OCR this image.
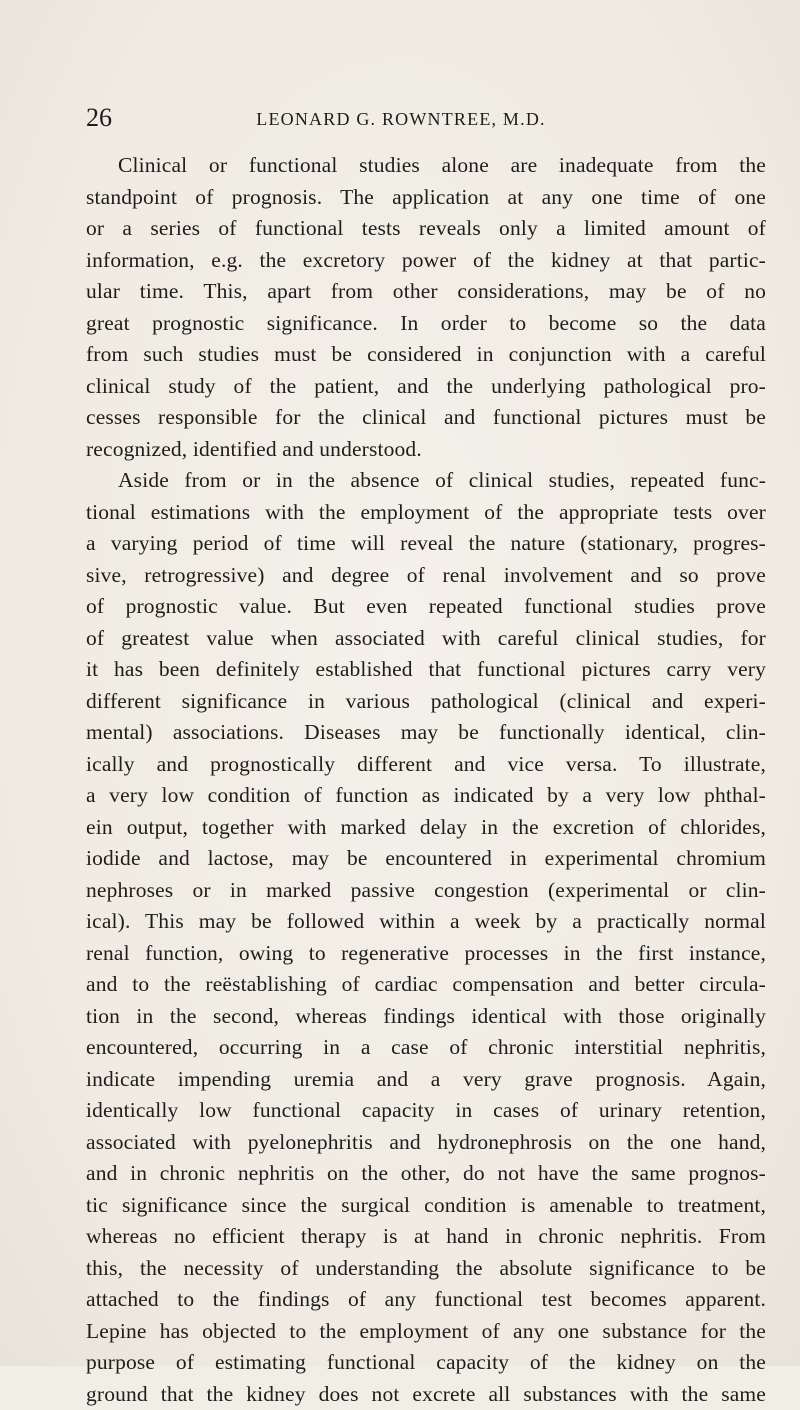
26	LEONARD G. ROWNTREE, M.D.
Clinical or functional studies alone are inadequate from the
standpoint of prognosis. The application at any one time of one
or a series of functional tests reveals only a limited amount of
information, e.g. the excretory power of the kidney at that partic-
ular time. This, apart from other considerations, may be of no
great prognostic significance. In order to become so the data
from such studies must be considered in conjunction with a careful
clinical study of the patient, and the underlying pathological pro-
cesses responsible for the clinical and functional pictures must be
recognized, identified and understood.
Aside from or in the absence of clinical studies, repeated func-
tional estimations with the employment of the appropriate tests over
a varying period of time will reveal the nature (stationary, progres-
sive, retrogressive) and degree of renal involvement and so prove
of prognostic value. But even repeated functional studies prove
of greatest value when associated with careful clinical studies, for
it has been definitely established that functional pictures carry very
different significance in various pathological (clinical and experi-
mental) associations. Diseases may be functionally identical, clin-
ically and prognostically different and vice versa. To illustrate,
a very low condition of function as indicated by a very low phthal-
ein output, together with marked delay in the excretion of chlorides,
iodide and lactose, may be encountered in experimental chromium
nephroses or in marked passive congestion (experimental or clin-
ical). This may be followed within a week by a practically normal
renal function, owing to regenerative processes in the first instance,
and to the reëstablishing of cardiac compensation and better circula-
tion in the second, whereas findings identical with those originally
encountered, occurring in a case of chronic interstitial nephritis,
indicate impending uremia and a very grave prognosis. Again,
identically low functional capacity in cases of urinary retention,
associated with pyelonephritis and hydronephrosis on the one hand,
and in chronic nephritis on the other, do not have the same prognos-
tic significance since the surgical condition is amenable to treatment,
whereas no efficient therapy is at hand in chronic nephritis. From
this, the necessity of understanding the absolute significance to be
attached to the findings of any functional test becomes apparent.
Lepine has objected to the employment of any one substance for the
purpose of estimating functional capacity of the kidney on the
ground that the kidney does not excrete all substances with the same
